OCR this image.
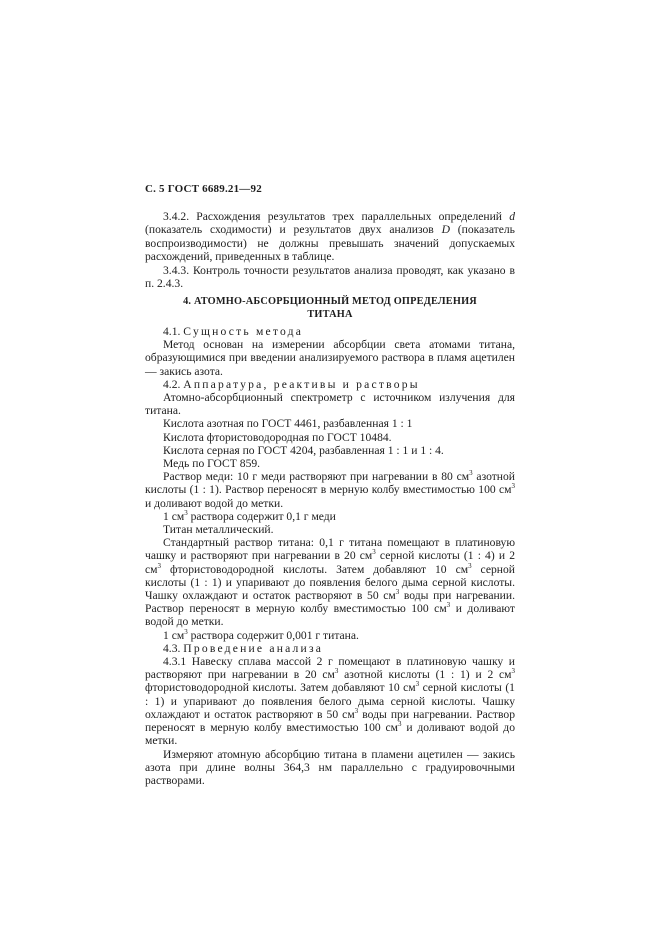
С. 5 ГОСТ 6689.21—92

3.4.2. Расхождения результатов трех параллельных определений d (показатель сходимости) и результатов двух анализов D (показатель воспроизводимости) не должны превышать значений допускаемых расхождений, приведенных в таблице.

3.4.3. Контроль точности результатов анализа проводят, как указано в п. 2.4.3.

4. АТОМНО-АБСОРБЦИОННЫЙ МЕТОД ОПРЕДЕЛЕНИЯ
ТИТАНА

4.1. Сущность метода

Метод основан на измерении абсорбции света атомами титана, образующимися при введении анализируемого раствора в пламя ацетилен — закись азота.

4.2. Аппаратура, реактивы и растворы

Атомно-абсорбционный спектрометр с источником излучения для титана.

Кислота азотная по ГОСТ 4461, разбавленная 1 : 1

Кислота фтористоводородная по ГОСТ 10484.

Кислота серная по ГОСТ 4204, разбавленная 1 : 1 и 1 : 4.

Медь по ГОСТ 859.

Раствор меди: 10 г меди растворяют при нагревании в 80 $см^3$ азотной кислоты (1 : 1). Раствор переносят в мерную колбу вместимостью 100 $см^3$ и доливают водой до метки.

1 $см^3$ раствора содержит 0,1 г меди

Титан металлический.

Стандартный раствор титана: 0,1 г титана помещают в платиновую чашку и растворяют при нагревании в 20 $см^3$ серной кислоты (1 : 4) и 2 $см^3$ фтористоводородной кислоты. Затем добавляют 10 $см^3$ серной кислоты (1 : 1) и упаривают до появления белого дыма серной кислоты. Чашку охлаждают и остаток растворяют в 50 $см^3$ воды при нагревании. Раствор переносят в мерную колбу вместимостью 100 $см^3$ и доливают водой до метки.

1 $см^3$ раствора содержит 0,001 г титана.

4.3. Проведение анализа

4.3.1 Навеску сплава массой 2 г помещают в платиновую чашку и растворяют при нагревании в 20 $см^3$ азотной кислоты (1 : 1) и 2 $см^3$ фтористоводородной кислоты. Затем добавляют 10 $см^3$ серной кислоты (1 : 1) и упаривают до появления белого дыма серной кислоты. Чашку охлаждают и остаток растворяют в 50 $см^3$ воды при нагревании. Раствор переносят в мерную колбу вместимостью 100 $см^3$ и доливают водой до метки.

Измеряют атомную абсорбцию титана в пламени ацетилен — закись азота при длине волны 364,3 нм параллельно с градуировочными растворами.
